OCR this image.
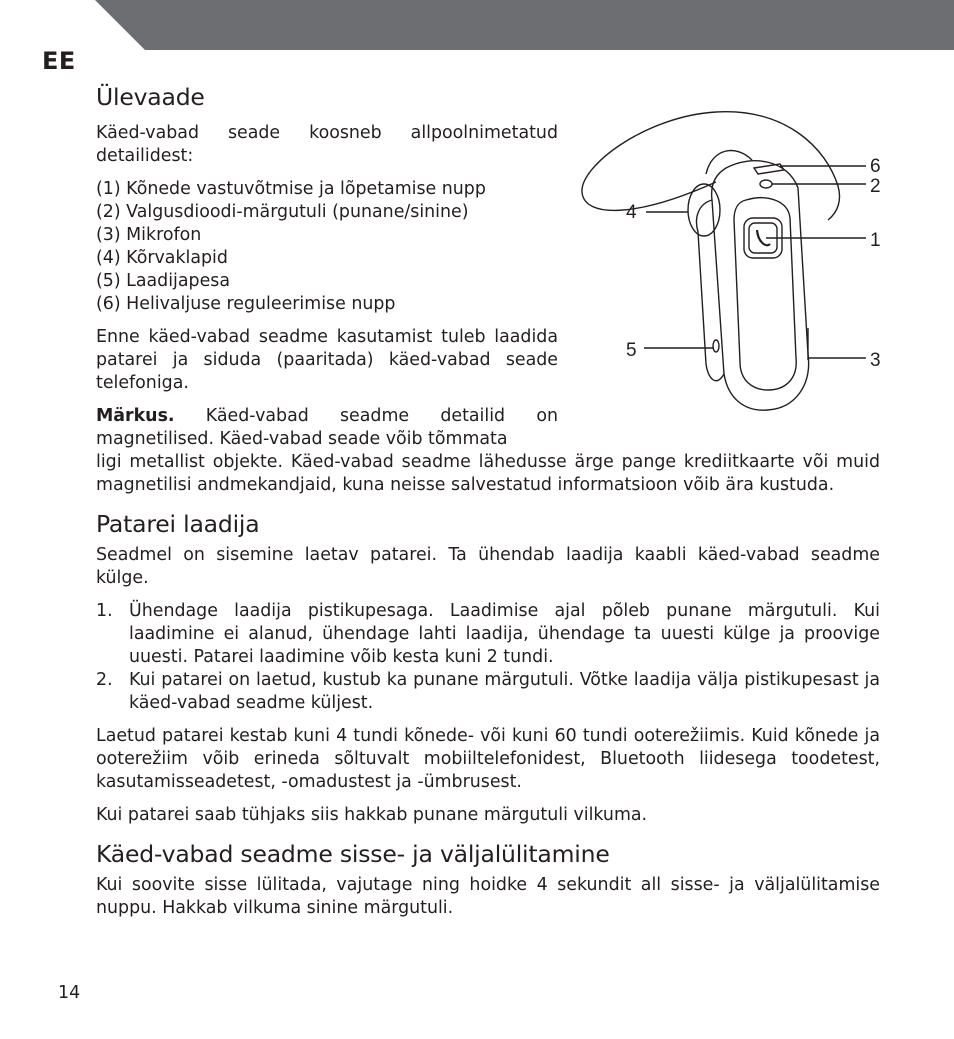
EE
6
2
4
1
5	3
Ülevaade

Käed-vabad seade koosneb allpoolnimetatud detailidest:

(1) Kõnede vastuvõtmise ja lõpetamise nupp
(2) Valgusdioodi-märgutuli (punane/sinine)
(3) Mikrofon
(4) Kõrvaklapid
(5) Laadijapesa
(6) Helivaljuse reguleerimise nupp

Enne käed-vabad seadme kasutamist tuleb laadida patarei ja siduda (paaritada) käed-vabad seade telefoniga.

Märkus. Käed-vabad seadme detailid on magnetilised. Käed-vabad seade võib tõmmata

ligi metallist objekte. Käed-vabad seadme lähedusse ärge pange krediitkaarte või muid magnetilisi andmekandjaid, kuna neisse salvestatud informatsioon võib ära kustuda.

Patarei laadija

Seadmel on sisemine laetav patarei. Ta ühendab laadija kaabli käed-vabad seadme külge.

1. Ühendage laadija pistikupesaga. Laadimise ajal põleb punane märgutuli. Kui laadimine ei alanud, ühendage lahti laadija, ühendage ta uuesti külge ja proovige uuesti. Patarei laadimine võib kesta kuni 2 tundi.
2. Kui patarei on laetud, kustub ka punane märgutuli. Võtke laadija välja pistikupesast ja käed-vabad seadme küljest.

Laetud patarei kestab kuni 4 tundi kõnede- või kuni 60 tundi ooterežiimis. Kuid kõnede ja ooterežiim võib erineda sõltuvalt mobiiltelefonidest, Bluetooth liidesega toodetest, kasutamisseadetest, -omadustest ja -ümbrusest.

Kui patarei saab tühjaks siis hakkab punane märgutuli vilkuma.

Käed-vabad seadme sisse- ja väljalülitamine

Kui soovite sisse lülitada, vajutage ning hoidke 4 sekundit all sisse- ja väljalülitamise nuppu. Hakkab vilkuma sinine märgutuli.

14
